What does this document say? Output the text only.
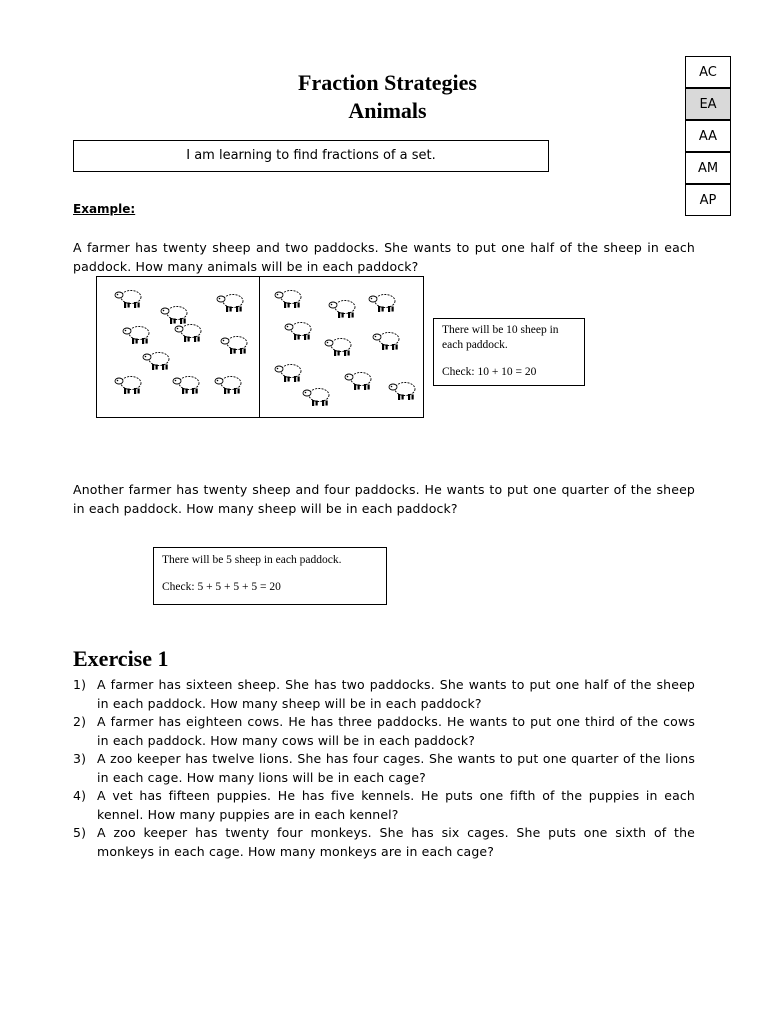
Fraction Strategies
Animals
AC
EA
AA
AM
AP
I am learning to find fractions of a set.
Example:
A farmer has twenty sheep and two paddocks. She wants to put one half of the sheep in each paddock. How many animals will be in each paddock?

There will be 10 sheep in each paddock.

Check: 10 + 10 = 20

Another farmer has twenty sheep and four paddocks. He wants to put one quarter of the sheep in each paddock. How many sheep will be in each paddock?

There will be 5 sheep in each paddock.

Check: 5 + 5 + 5 + 5 = 20

Exercise 1
1) A farmer has sixteen sheep. She has two paddocks. She wants to put one half of the sheep in each paddock. How many sheep will be in each paddock?
2) A farmer has eighteen cows. He has three paddocks. He wants to put one third of the cows in each paddock. How many cows will be in each paddock?
3) A zoo keeper has twelve lions. She has four cages. She wants to put one quarter of the lions in each cage. How many lions will be in each cage?
4) A vet has fifteen puppies. He has five kennels. He puts one fifth of the puppies in each kennel. How many puppies are in each kennel?
5) A zoo keeper has twenty four monkeys. She has six cages. She puts one sixth of the monkeys in each cage. How many monkeys are in each cage?
